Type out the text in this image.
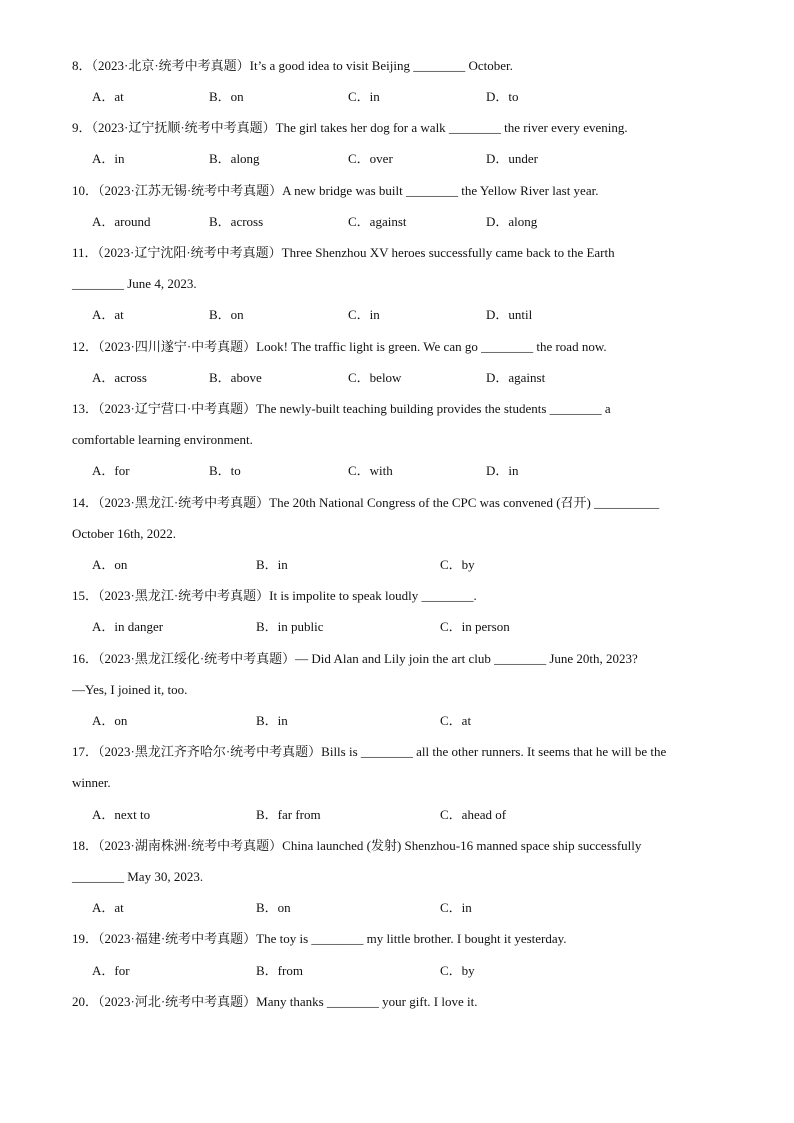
8．（2023·北京·统考中考真题）It’s a good idea to visit Beijing ________ October.
A．at	B．on	C．in	D．to
9．（2023·辽宁抚顺·统考中考真题）The girl takes her dog for a walk ________ the river every evening.
A．in	B．along	C．over	D．under
10．（2023·江苏无锡·统考中考真题）A new bridge was built ________ the Yellow River last year.
A．around	B．across	C．against	D．along
11．（2023·辽宁沈阳·统考中考真题）Three Shenzhou XV heroes successfully came back to the Earth
________ June 4, 2023.
A．at	B．on	C．in	D．until
12．（2023·四川遂宁·中考真题）Look! The traffic light is green. We can go ________ the road now.
A．across	B．above	C．below	D．against
13．（2023·辽宁营口·中考真题）The newly-built teaching building provides the students ________ a
comfortable learning environment.
A．for	B．to	C．with	D．in
14．（2023·黑龙江·统考中考真题）The 20th National Congress of the CPC was convened (召开) __________
October 16th, 2022.
A．on	B．in	C．by
15．（2023·黑龙江·统考中考真题）It is impolite to speak loudly ________.
A．in danger	B．in public	C．in person
16．（2023·黑龙江绥化·统考中考真题）— Did Alan and Lily join the art club ________ June 20th, 2023?
—Yes, I joined it, too.
A．on	B．in	C．at
17．（2023·黑龙江齐齐哈尔·统考中考真题）Bills is ________ all the other runners. It seems that he will be the
winner.
A．next to	B．far from	C．ahead of
18．（2023·湖南株洲·统考中考真题）China launched (发射) Shenzhou-16 manned space ship successfully
________ May 30, 2023.
A．at	B．on	C．in
19．（2023·福建·统考中考真题）The toy is ________ my little brother. I bought it yesterday.
A．for	B．from	C．by
20．（2023·河北·统考中考真题）Many thanks ________ your gift. I love it.
